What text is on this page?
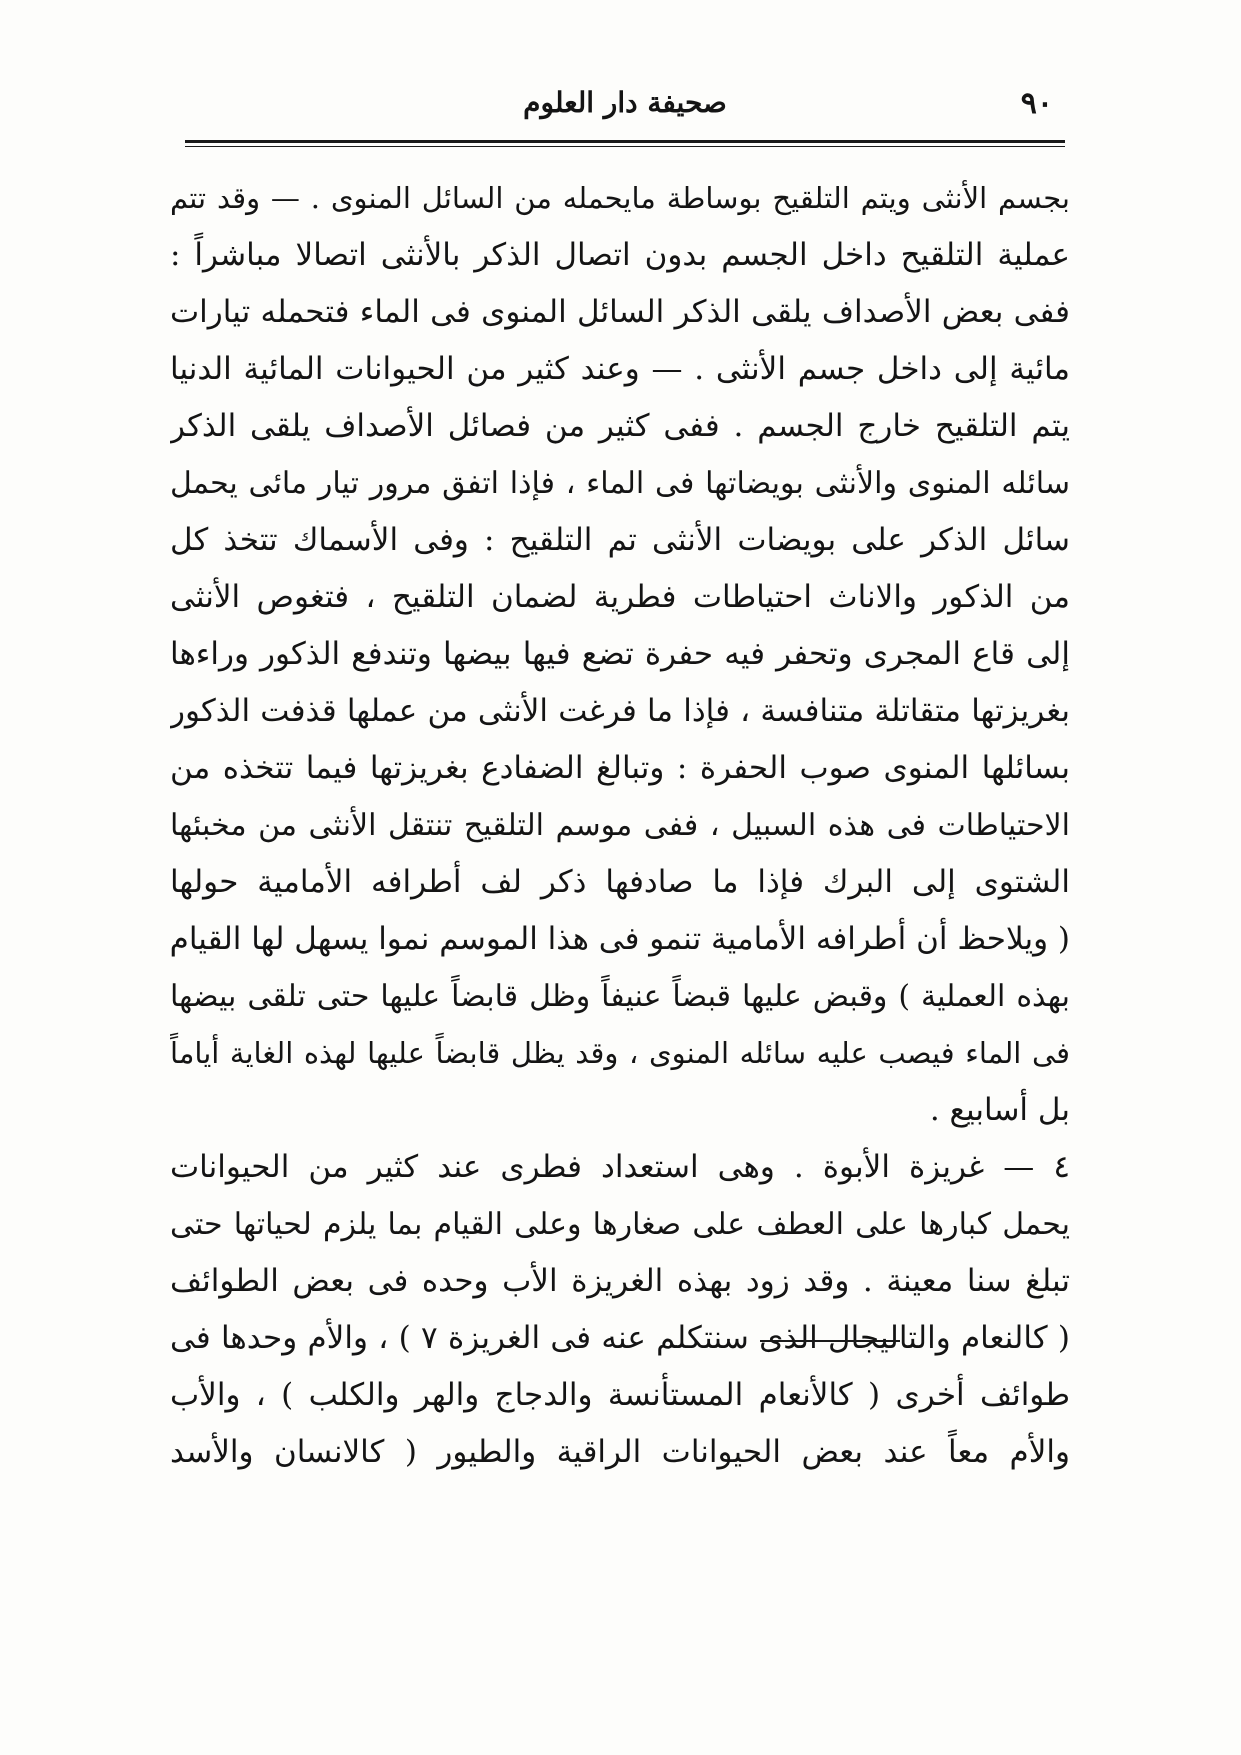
٩٠
صحيفة دار العلوم
بجسم الأنثى ويتم التلقيح بوساطة مايحمله من السائل المنوى . — وقد تتم
عملية التلقيح داخل الجسم بدون اتصال الذكر بالأنثى اتصالا مباشراً :
ففى بعض الأصداف يلقى الذكر السائل المنوى فى الماء فتحمله تيارات
مائية إلى داخل جسم الأنثى . — وعند كثير من الحيوانات المائية الدنيا
يتم التلقيح خارج الجسم . ففى كثير من فصائل الأصداف يلقى الذكر
سائله المنوى والأنثى بويضاتها فى الماء ، فإذا اتفق مرور تيار مائى يحمل
سائل الذكر على بويضات الأنثى تم التلقيح : وفى الأسماك تتخذ كل
من الذكور والاناث احتياطات فطرية لضمان التلقيح ، فتغوص الأنثى
إلى قاع المجرى وتحفر فيه حفرة تضع فيها بيضها وتندفع الذكور وراءها
بغريزتها متقاتلة متنافسة ، فإذا ما فرغت الأنثى من عملها قذفت الذكور
بسائلها المنوى صوب الحفرة : وتبالغ الضفادع بغريزتها فيما تتخذه من
الاحتياطات فى هذه السبيل ، ففى موسم التلقيح تنتقل الأنثى من مخبئها
الشتوى إلى البرك فإذا ما صادفها ذكر لف أطرافه الأمامية حولها
( ويلاحظ أن أطرافه الأمامية تنمو فى هذا الموسم نموا يسهل لها القيام
بهذه العملية ) وقبض عليها قبضاً عنيفاً وظل قابضاً عليها حتى تلقى بيضها
فى الماء فيصب عليه سائله المنوى ، وقد يظل قابضاً عليها لهذه الغاية أياماً
بل أسابيع .
٤ — غريزة الأبوة . وهى استعداد فطرى عند كثير من الحيوانات
يحمل كبارها على العطف على صغارها وعلى القيام بما يلزم لحياتها حتى
تبلغ سنا معينة . وقد زود بهذه الغريزة الأب وحده فى بعض الطوائف
( كالنعام والتاليجال الذى سنتكلم عنه فى الغريزة ٧ ) ، والأم وحدها فى
طوائف أخرى ( كالأنعام المستأنسة والدجاج والهر والكلب ) ، والأب
والأم معاً عند بعض الحيوانات الراقية والطيور ( كالانسان والأسد
